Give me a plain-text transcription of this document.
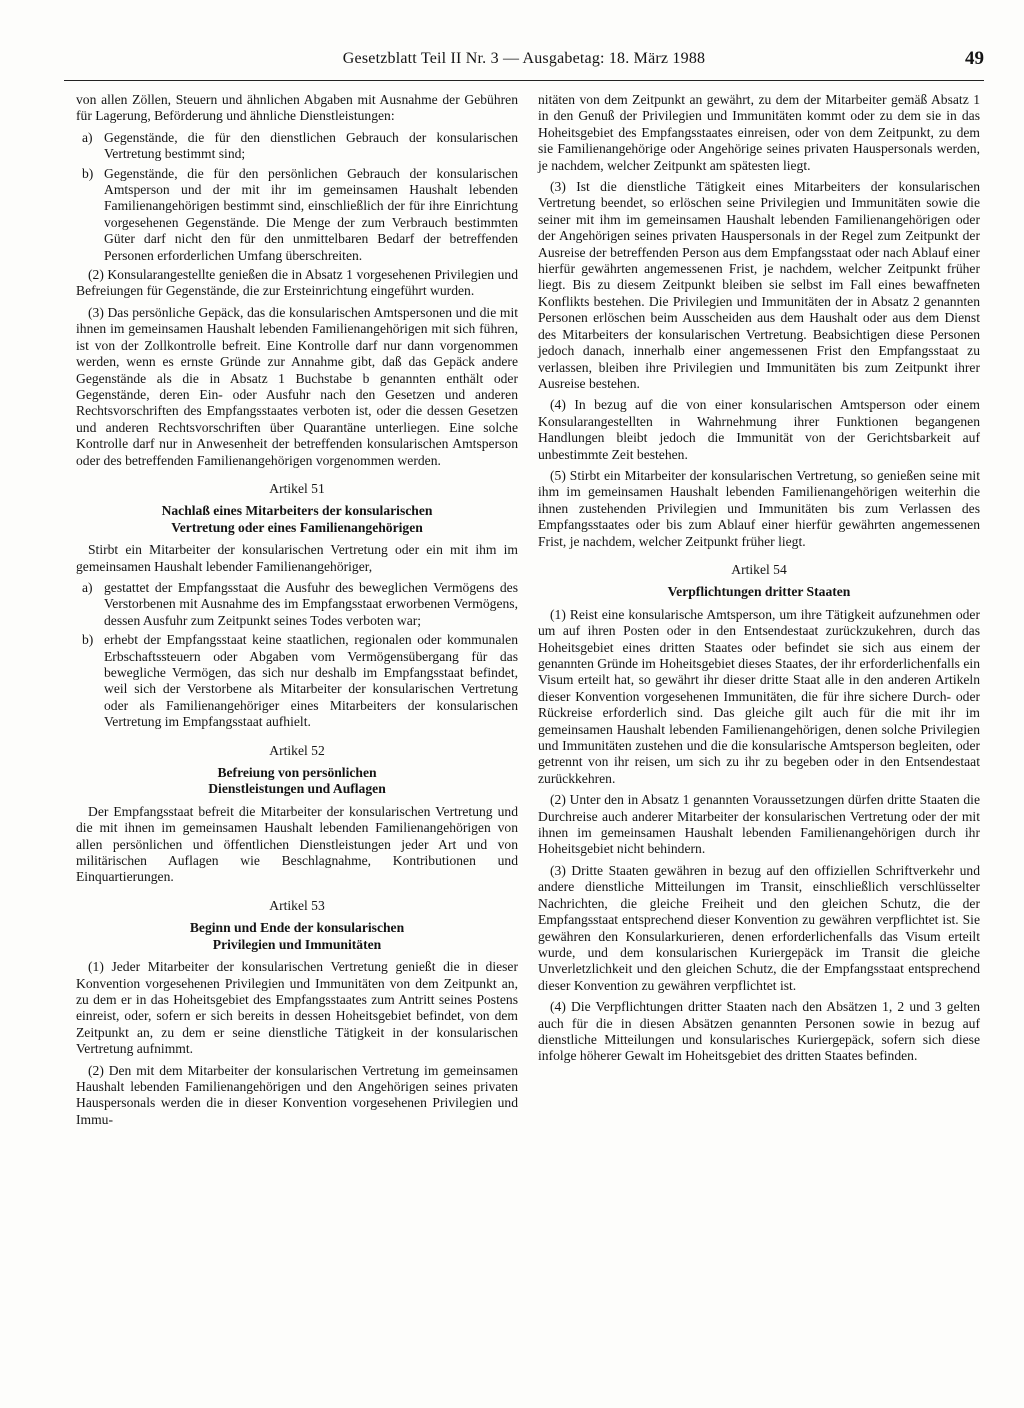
Gesetzblatt Teil II Nr. 3 — Ausgabetag: 18. März 1988	49

von allen Zöllen, Steuern und ähnlichen Abgaben mit Ausnahme der Gebühren für Lagerung, Beförderung und ähnliche Dienstleistungen:

a) Gegenstände, die für den dienstlichen Gebrauch der konsularischen Vertretung bestimmt sind;
b) Gegenstände, die für den persönlichen Gebrauch der konsularischen Amtsperson und der mit ihr im gemeinsamen Haushalt lebenden Familienangehörigen bestimmt sind, einschließlich der für ihre Einrichtung vorgesehenen Gegenstände. Die Menge der zum Verbrauch bestimmten Güter darf nicht den für den unmittelbaren Bedarf der betreffenden Personen erforderlichen Umfang überschreiten.

(2) Konsularangestellte genießen die in Absatz 1 vorgesehenen Privilegien und Befreiungen für Gegenstände, die zur Ersteinrichtung eingeführt wurden.

(3) Das persönliche Gepäck, das die konsularischen Amtspersonen und die mit ihnen im gemeinsamen Haushalt lebenden Familienangehörigen mit sich führen, ist von der Zollkontrolle befreit. Eine Kontrolle darf nur dann vorgenommen werden, wenn es ernste Gründe zur Annahme gibt, daß das Gepäck andere Gegenstände als die in Absatz 1 Buchstabe b genannten enthält oder Gegenstände, deren Ein- oder Ausfuhr nach den Gesetzen und anderen Rechtsvorschriften des Empfangsstaates verboten ist, oder die dessen Gesetzen und anderen Rechtsvorschriften über Quarantäne unterliegen. Eine solche Kontrolle darf nur in Anwesenheit der betreffenden konsularischen Amtsperson oder des betreffenden Familienangehörigen vorgenommen werden.

Artikel 51
Nachlaß eines Mitarbeiters der konsularischen
Vertretung oder eines Familienangehörigen

Stirbt ein Mitarbeiter der konsularischen Vertretung oder ein mit ihm im gemeinsamen Haushalt lebender Familienangehöriger,

a) gestattet der Empfangsstaat die Ausfuhr des beweglichen Vermögens des Verstorbenen mit Ausnahme des im Empfangsstaat erworbenen Vermögens, dessen Ausfuhr zum Zeitpunkt seines Todes verboten war;
b) erhebt der Empfangsstaat keine staatlichen, regionalen oder kommunalen Erbschaftssteuern oder Abgaben vom Vermögensübergang für das bewegliche Vermögen, das sich nur deshalb im Empfangsstaat befindet, weil sich der Verstorbene als Mitarbeiter der konsularischen Vertretung oder als Familienangehöriger eines Mitarbeiters der konsularischen Vertretung im Empfangsstaat aufhielt.
Artikel 52
Befreiung von persönlichen
Dienstleistungen und Auflagen

Der Empfangsstaat befreit die Mitarbeiter der konsularischen Vertretung und die mit ihnen im gemeinsamen Haushalt lebenden Familienangehörigen von allen persönlichen und öffentlichen Dienstleistungen jeder Art und von militärischen Auflagen wie Beschlagnahme, Kontributionen und Einquartierungen.

Artikel 53
Beginn und Ende der konsularischen
Privilegien und Immunitäten

(1) Jeder Mitarbeiter der konsularischen Vertretung genießt die in dieser Konvention vorgesehenen Privilegien und Immunitäten von dem Zeitpunkt an, zu dem er in das Hoheitsgebiet des Empfangsstaates zum Antritt seines Postens einreist, oder, sofern er sich bereits in dessen Hoheitsgebiet befindet, von dem Zeitpunkt an, zu dem er seine dienstliche Tätigkeit in der konsularischen Vertretung aufnimmt.

(2) Den mit dem Mitarbeiter der konsularischen Vertretung im gemeinsamen Haushalt lebenden Familienangehörigen und den Angehörigen seines privaten Hauspersonals werden die in dieser Konvention vorgesehenen Privilegien und Immu-

nitäten von dem Zeitpunkt an gewährt, zu dem der Mitarbeiter gemäß Absatz 1 in den Genuß der Privilegien und Immunitäten kommt oder zu dem sie in das Hoheitsgebiet des Empfangsstaates einreisen, oder von dem Zeitpunkt, zu dem sie Familienangehörige oder Angehörige seines privaten Hauspersonals werden, je nachdem, welcher Zeitpunkt am spätesten liegt.

(3) Ist die dienstliche Tätigkeit eines Mitarbeiters der konsularischen Vertretung beendet, so erlöschen seine Privilegien und Immunitäten sowie die seiner mit ihm im gemeinsamen Haushalt lebenden Familienangehörigen oder der Angehörigen seines privaten Hauspersonals in der Regel zum Zeitpunkt der Ausreise der betreffenden Person aus dem Empfangsstaat oder nach Ablauf einer hierfür gewährten angemessenen Frist, je nachdem, welcher Zeitpunkt früher liegt. Bis zu diesem Zeitpunkt bleiben sie selbst im Fall eines bewaffneten Konflikts bestehen. Die Privilegien und Immunitäten der in Absatz 2 genannten Personen erlöschen beim Ausscheiden aus dem Haushalt oder aus dem Dienst des Mitarbeiters der konsularischen Vertretung. Beabsichtigen diese Personen jedoch danach, innerhalb einer angemessenen Frist den Empfangsstaat zu verlassen, bleiben ihre Privilegien und Immunitäten bis zum Zeitpunkt ihrer Ausreise bestehen.

(4) In bezug auf die von einer konsularischen Amtsperson oder einem Konsularangestellten in Wahrnehmung ihrer Funktionen begangenen Handlungen bleibt jedoch die Immunität von der Gerichtsbarkeit auf unbestimmte Zeit bestehen.

(5) Stirbt ein Mitarbeiter der konsularischen Vertretung, so genießen seine mit ihm im gemeinsamen Haushalt lebenden Familienangehörigen weiterhin die ihnen zustehenden Privilegien und Immunitäten bis zum Verlassen des Empfangsstaates oder bis zum Ablauf einer hierfür gewährten angemessenen Frist, je nachdem, welcher Zeitpunkt früher liegt.

Artikel 54
Verpflichtungen dritter Staaten

(1) Reist eine konsularische Amtsperson, um ihre Tätigkeit aufzunehmen oder um auf ihren Posten oder in den Entsendestaat zurückzukehren, durch das Hoheitsgebiet eines dritten Staates oder befindet sie sich aus einem der genannten Gründe im Hoheitsgebiet dieses Staates, der ihr erforderlichenfalls ein Visum erteilt hat, so gewährt ihr dieser dritte Staat alle in den anderen Artikeln dieser Konvention vorgesehenen Immunitäten, die für ihre sichere Durch- oder Rückreise erforderlich sind. Das gleiche gilt auch für die mit ihr im gemeinsamen Haushalt lebenden Familienangehörigen, denen solche Privilegien und Immunitäten zustehen und die die konsularische Amtsperson begleiten, oder getrennt von ihr reisen, um sich zu ihr zu begeben oder in den Entsendestaat zurückkehren.

(2) Unter den in Absatz 1 genannten Voraussetzungen dürfen dritte Staaten die Durchreise auch anderer Mitarbeiter der konsularischen Vertretung oder der mit ihnen im gemeinsamen Haushalt lebenden Familienangehörigen durch ihr Hoheitsgebiet nicht behindern.

(3) Dritte Staaten gewähren in bezug auf den offiziellen Schriftverkehr und andere dienstliche Mitteilungen im Transit, einschließlich verschlüsselter Nachrichten, die gleiche Freiheit und den gleichen Schutz, die der Empfangsstaat entsprechend dieser Konvention zu gewähren verpflichtet ist. Sie gewähren den Konsularkurieren, denen erforderlichenfalls das Visum erteilt wurde, und dem konsularischen Kuriergepäck im Transit die gleiche Unverletzlichkeit und den gleichen Schutz, die der Empfangsstaat entsprechend dieser Konvention zu gewähren verpflichtet ist.

(4) Die Verpflichtungen dritter Staaten nach den Absätzen 1, 2 und 3 gelten auch für die in diesen Absätzen genannten Personen sowie in bezug auf dienstliche Mitteilungen und konsularisches Kuriergepäck, sofern sich diese infolge höherer Gewalt im Hoheitsgebiet des dritten Staates befinden.
